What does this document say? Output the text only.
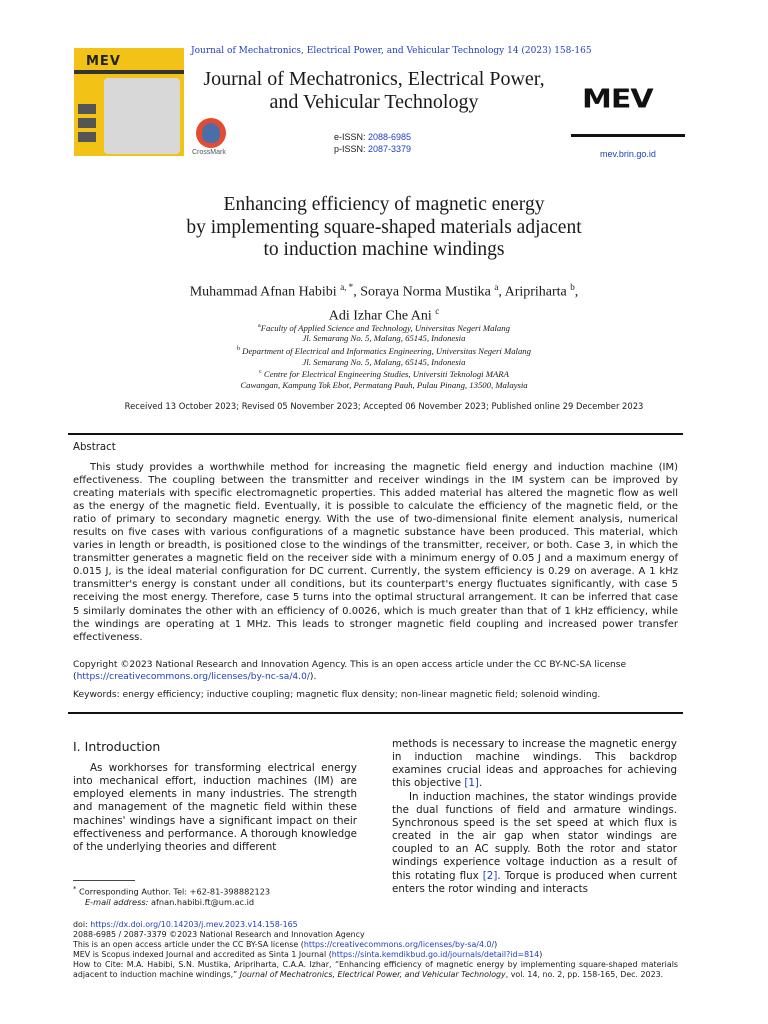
MEV
Journal of Mechatronics, Electrical Power, and Vehicular Technology 14 (2023) 158-165
Journal of Mechatronics, Electrical Power,
and Vehicular Technology
CrossMark
e-ISSN: 2088-6985
p-ISSN: 2087-3379
MEV
mev.brin.go.id
Enhancing efficiency of magnetic energy
by implementing square-shaped materials adjacent
to induction machine windings
Muhammad Afnan Habibi $^{a, *}$, Soraya Norma Mustika $^a$, Aripriharta $^b$,
Adi Izhar Che Ani $^c$
$^a$Faculty of Applied Science and Technology, Universitas Negeri Malang
Jl. Semarang No. 5, Malang, 65145, Indonesia
$^b$ Department of Electrical and Informatics Engineering, Universitas Negeri Malang
Jl. Semarang No. 5, Malang, 65145, Indonesia
$^c$ Centre for Electrical Engineering Studies, Universiti Teknologi MARA
Cawangan, Kampung Tok Ebot, Permatang Pauh, Pulau Pinang, 13500, Malaysia
Received 13 October 2023; Revised 05 November 2023; Accepted 06 November 2023; Published online 29 December 2023
Abstract
This study provides a worthwhile method for increasing the magnetic field energy and induction machine (IM) effectiveness. The coupling between the transmitter and receiver windings in the IM system can be improved by creating materials with specific electromagnetic properties. This added material has altered the magnetic flow as well as the energy of the magnetic field. Eventually, it is possible to calculate the efficiency of the magnetic field, or the ratio of primary to secondary magnetic energy. With the use of two-dimensional finite element analysis, numerical results on five cases with various configurations of a magnetic substance have been produced. This material, which varies in length or breadth, is positioned close to the windings of the transmitter, receiver, or both. Case 3, in which the transmitter generates a magnetic field on the receiver side with a minimum energy of 0.05 J and a maximum energy of 0.015 J, is the ideal material configuration for DC current. Currently, the system efficiency is 0.29 on average. A 1 kHz transmitter's energy is constant under all conditions, but its counterpart's energy fluctuates significantly, with case 5 receiving the most energy. Therefore, case 5 turns into the optimal structural arrangement. It can be inferred that case 5 similarly dominates the other with an efficiency of 0.0026, which is much greater than that of 1 kHz efficiency, while the windings are operating at 1 MHz. This leads to stronger magnetic field coupling and increased power transfer effectiveness.
Copyright ©2023 National Research and Innovation Agency. This is an open access article under the CC BY-NC-SA license
(https://creativecommons.org/licenses/by-nc-sa/4.0/).
Keywords: energy efficiency; inductive coupling; magnetic flux density; non-linear magnetic field; solenoid winding.
I. Introduction

As workhorses for transforming electrical energy into mechanical effort, induction machines (IM) are employed elements in many industries. The strength and management of the magnetic field within these machines' windings have a significant impact on their effectiveness and performance. A thorough knowledge of the underlying theories and different

methods is necessary to increase the magnetic energy in induction machine windings. This backdrop examines crucial ideas and approaches for achieving this objective [1].

In induction machines, the stator windings provide the dual functions of field and armature windings. Synchronous speed is the set speed at which flux is created in the air gap when stator windings are coupled to an AC supply. Both the rotor and stator windings experience voltage induction as a result of this rotating flux [2]. Torque is produced when current enters the rotor winding and interacts

* Corresponding Author. Tel: +62-81-398882123
E-mail address: afnan.habibi.ft@um.ac.id
doi: https://dx.doi.org/10.14203/j.mev.2023.v14.158-165
2088-6985 / 2087-3379 ©2023 National Research and Innovation Agency
This is an open access article under the CC BY-SA license (https://creativecommons.org/licenses/by-sa/4.0/)
MEV is Scopus indexed Journal and accredited as Sinta 1 Journal (https://sinta.kemdikbud.go.id/journals/detail?id=814)
How to Cite: M.A. Habibi, S.N. Mustika, Aripriharta, C.A.A. Izhar, “Enhancing efficiency of magnetic energy by implementing square-shaped materials adjacent to induction machine windings,” Journal of Mechatronics, Electrical Power, and Vehicular Technology, vol. 14, no. 2, pp. 158-165, Dec. 2023.
